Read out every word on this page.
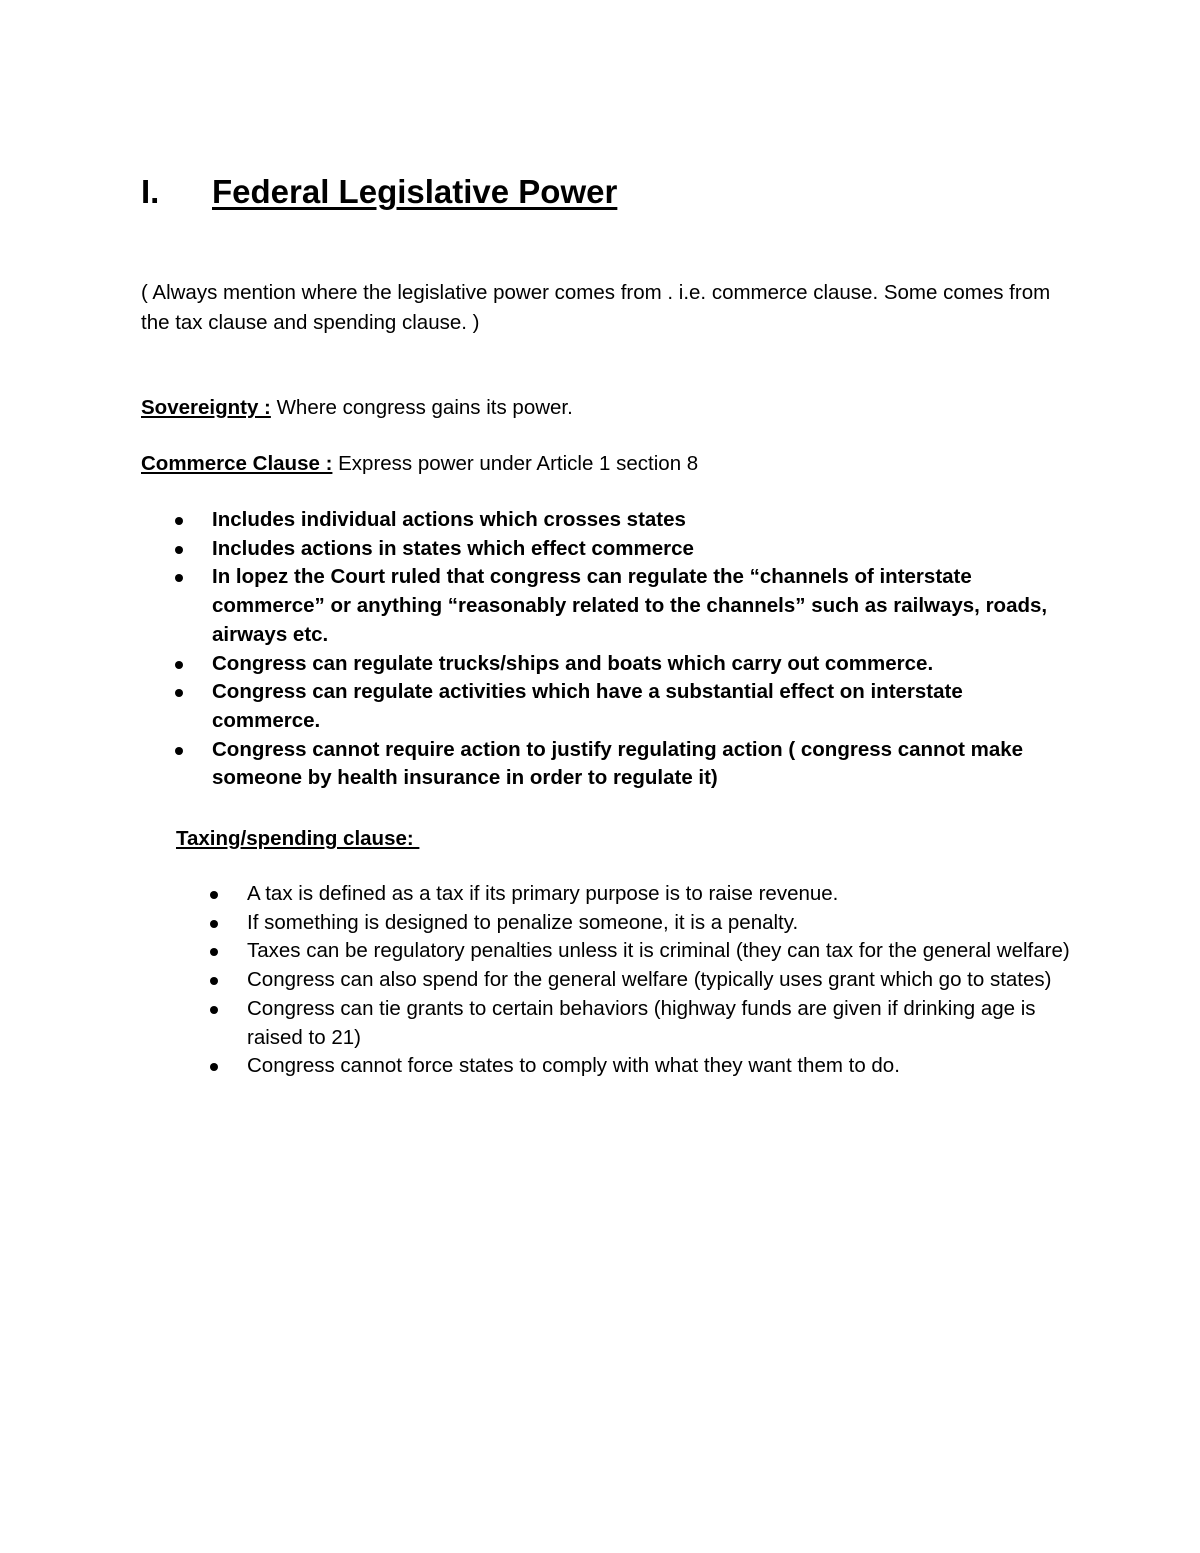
I. Federal Legislative Power
( Always mention where the legislative power comes from . i.e. commerce clause. Some comes from the tax clause and spending clause. )
Sovereignty : Where congress gains its power.
Commerce Clause : Express power under Article 1 section 8
Includes individual actions which crosses states
Includes actions in states which effect commerce
In lopez the Court ruled that congress can regulate the “channels of interstate commerce” or anything “reasonably related to the channels” such as railways, roads, airways etc.
Congress can regulate trucks/ships and boats which carry out commerce.
Congress can regulate activities which have a substantial effect on interstate commerce.
Congress cannot require action to justify regulating action ( congress cannot make someone by health insurance in order to regulate it)
Taxing/spending clause:
A tax is defined as a tax if its primary purpose is to raise revenue.
If something is designed to penalize someone, it is a penalty.
Taxes can be regulatory penalties unless it is criminal (they can tax for the general welfare)
Congress can also spend for the general welfare (typically uses grant which go to states)
Congress can tie grants to certain behaviors (highway funds are given if drinking age is raised to 21)
Congress cannot force states to comply with what they want them to do.
